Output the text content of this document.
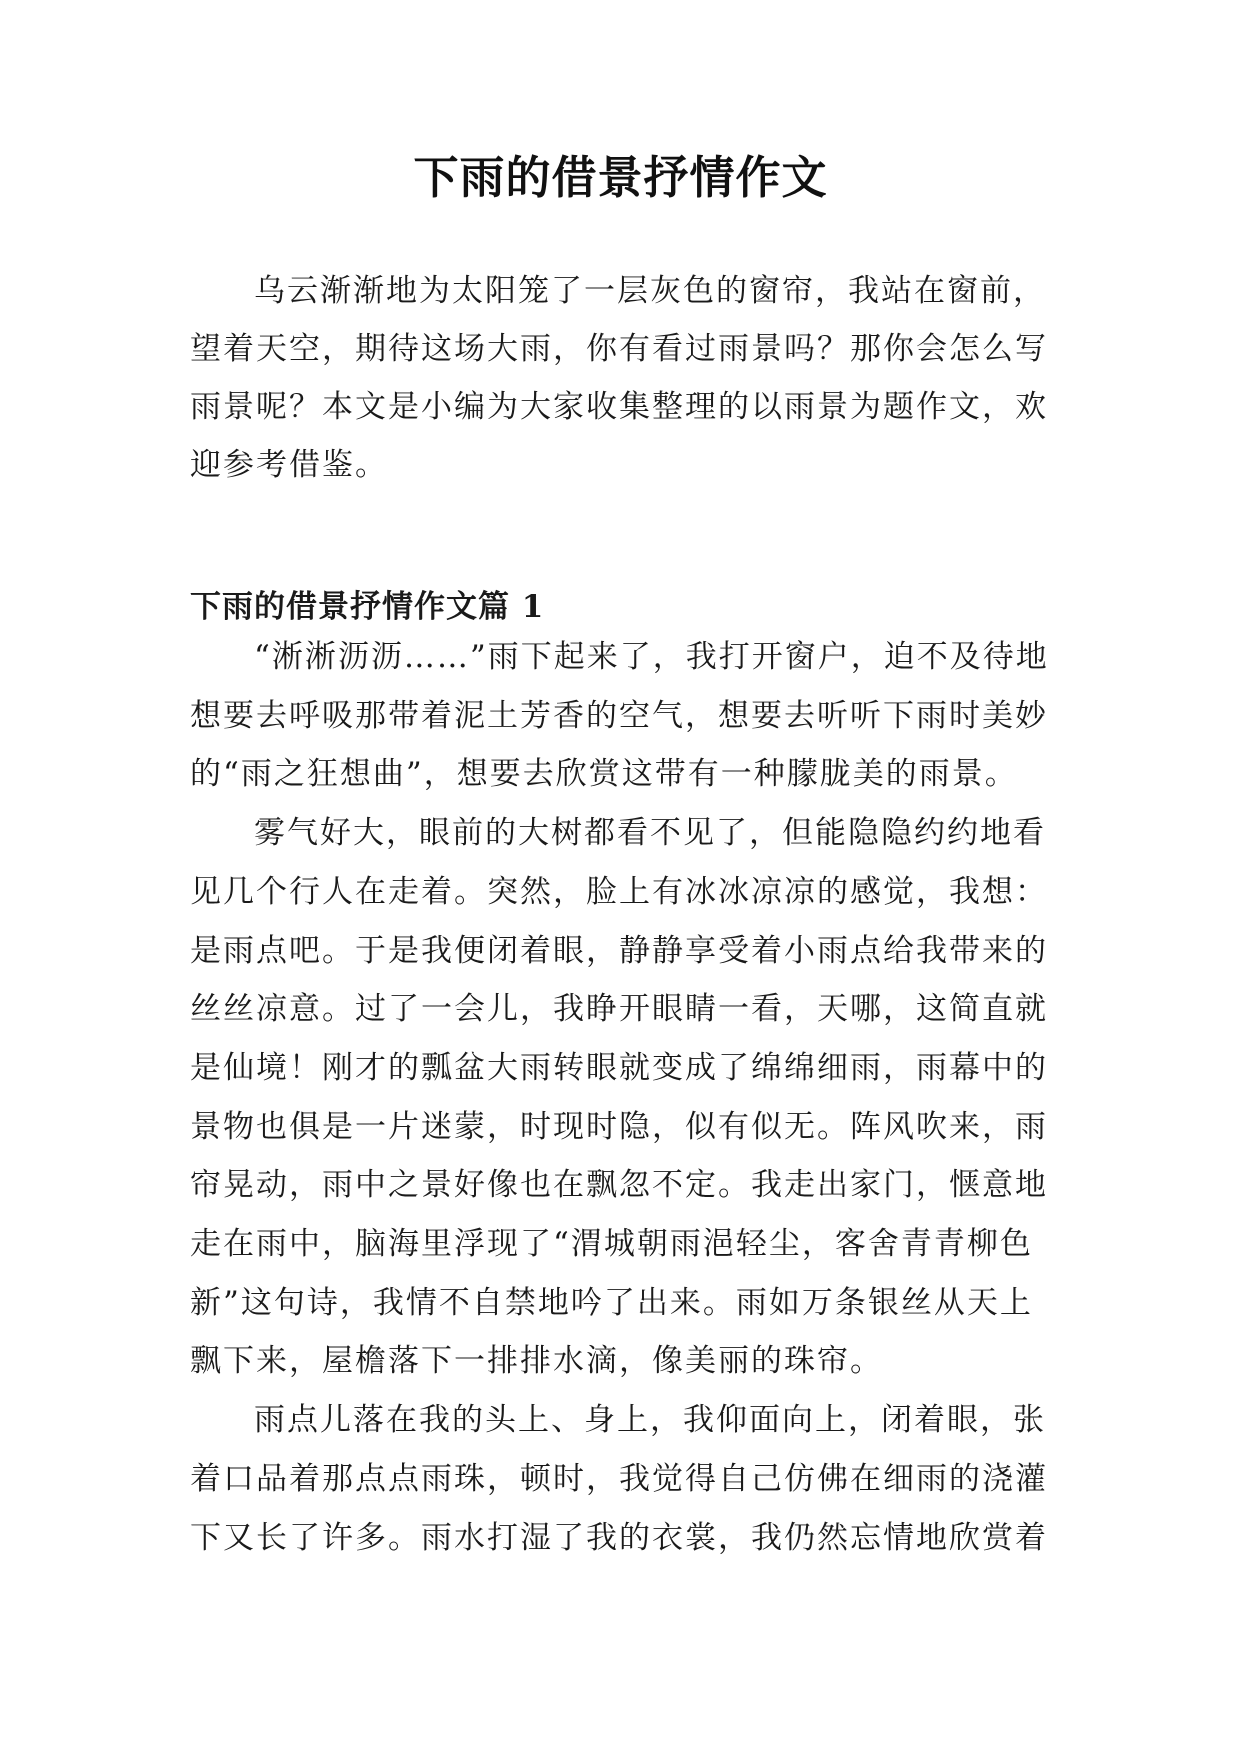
下雨的借景抒情作文

乌云渐渐地为太阳笼了一层灰色的窗帘，我站在窗前，望着天空，期待这场大雨，你有看过雨景吗？那你会怎么写雨景呢？本文是小编为大家收集整理的以雨景为题作文，欢迎参考借鉴。

下雨的借景抒情作文篇 1

“淅淅沥沥……”雨下起来了，我打开窗户，迫不及待地想要去呼吸那带着泥土芳香的空气，想要去听听下雨时美妙的“雨之狂想曲”，想要去欣赏这带有一种朦胧美的雨景。

雾气好大，眼前的大树都看不见了，但能隐隐约约地看见几个行人在走着。突然，脸上有冰冰凉凉的感觉，我想：是雨点吧。于是我便闭着眼，静静享受着小雨点给我带来的丝丝凉意。过了一会儿，我睁开眼睛一看，天哪，这简直就是仙境！刚才的瓢盆大雨转眼就变成了绵绵细雨，雨幕中的景物也俱是一片迷蒙，时现时隐，似有似无。阵风吹来，雨帘晃动，雨中之景好像也在飘忽不定。我走出家门，惬意地走在雨中，脑海里浮现了“渭城朝雨浥轻尘，客舍青青柳色新”这句诗，我情不自禁地吟了出来。雨如万条银丝从天上飘下来，屋檐落下一排排水滴，像美丽的珠帘。

雨点儿落在我的头上、身上，我仰面向上，闭着眼，张着口品着那点点雨珠，顿时，我觉得自己仿佛在细雨的浇灌下又长了许多。雨水打湿了我的衣裳，我仍然忘情地欣赏着
